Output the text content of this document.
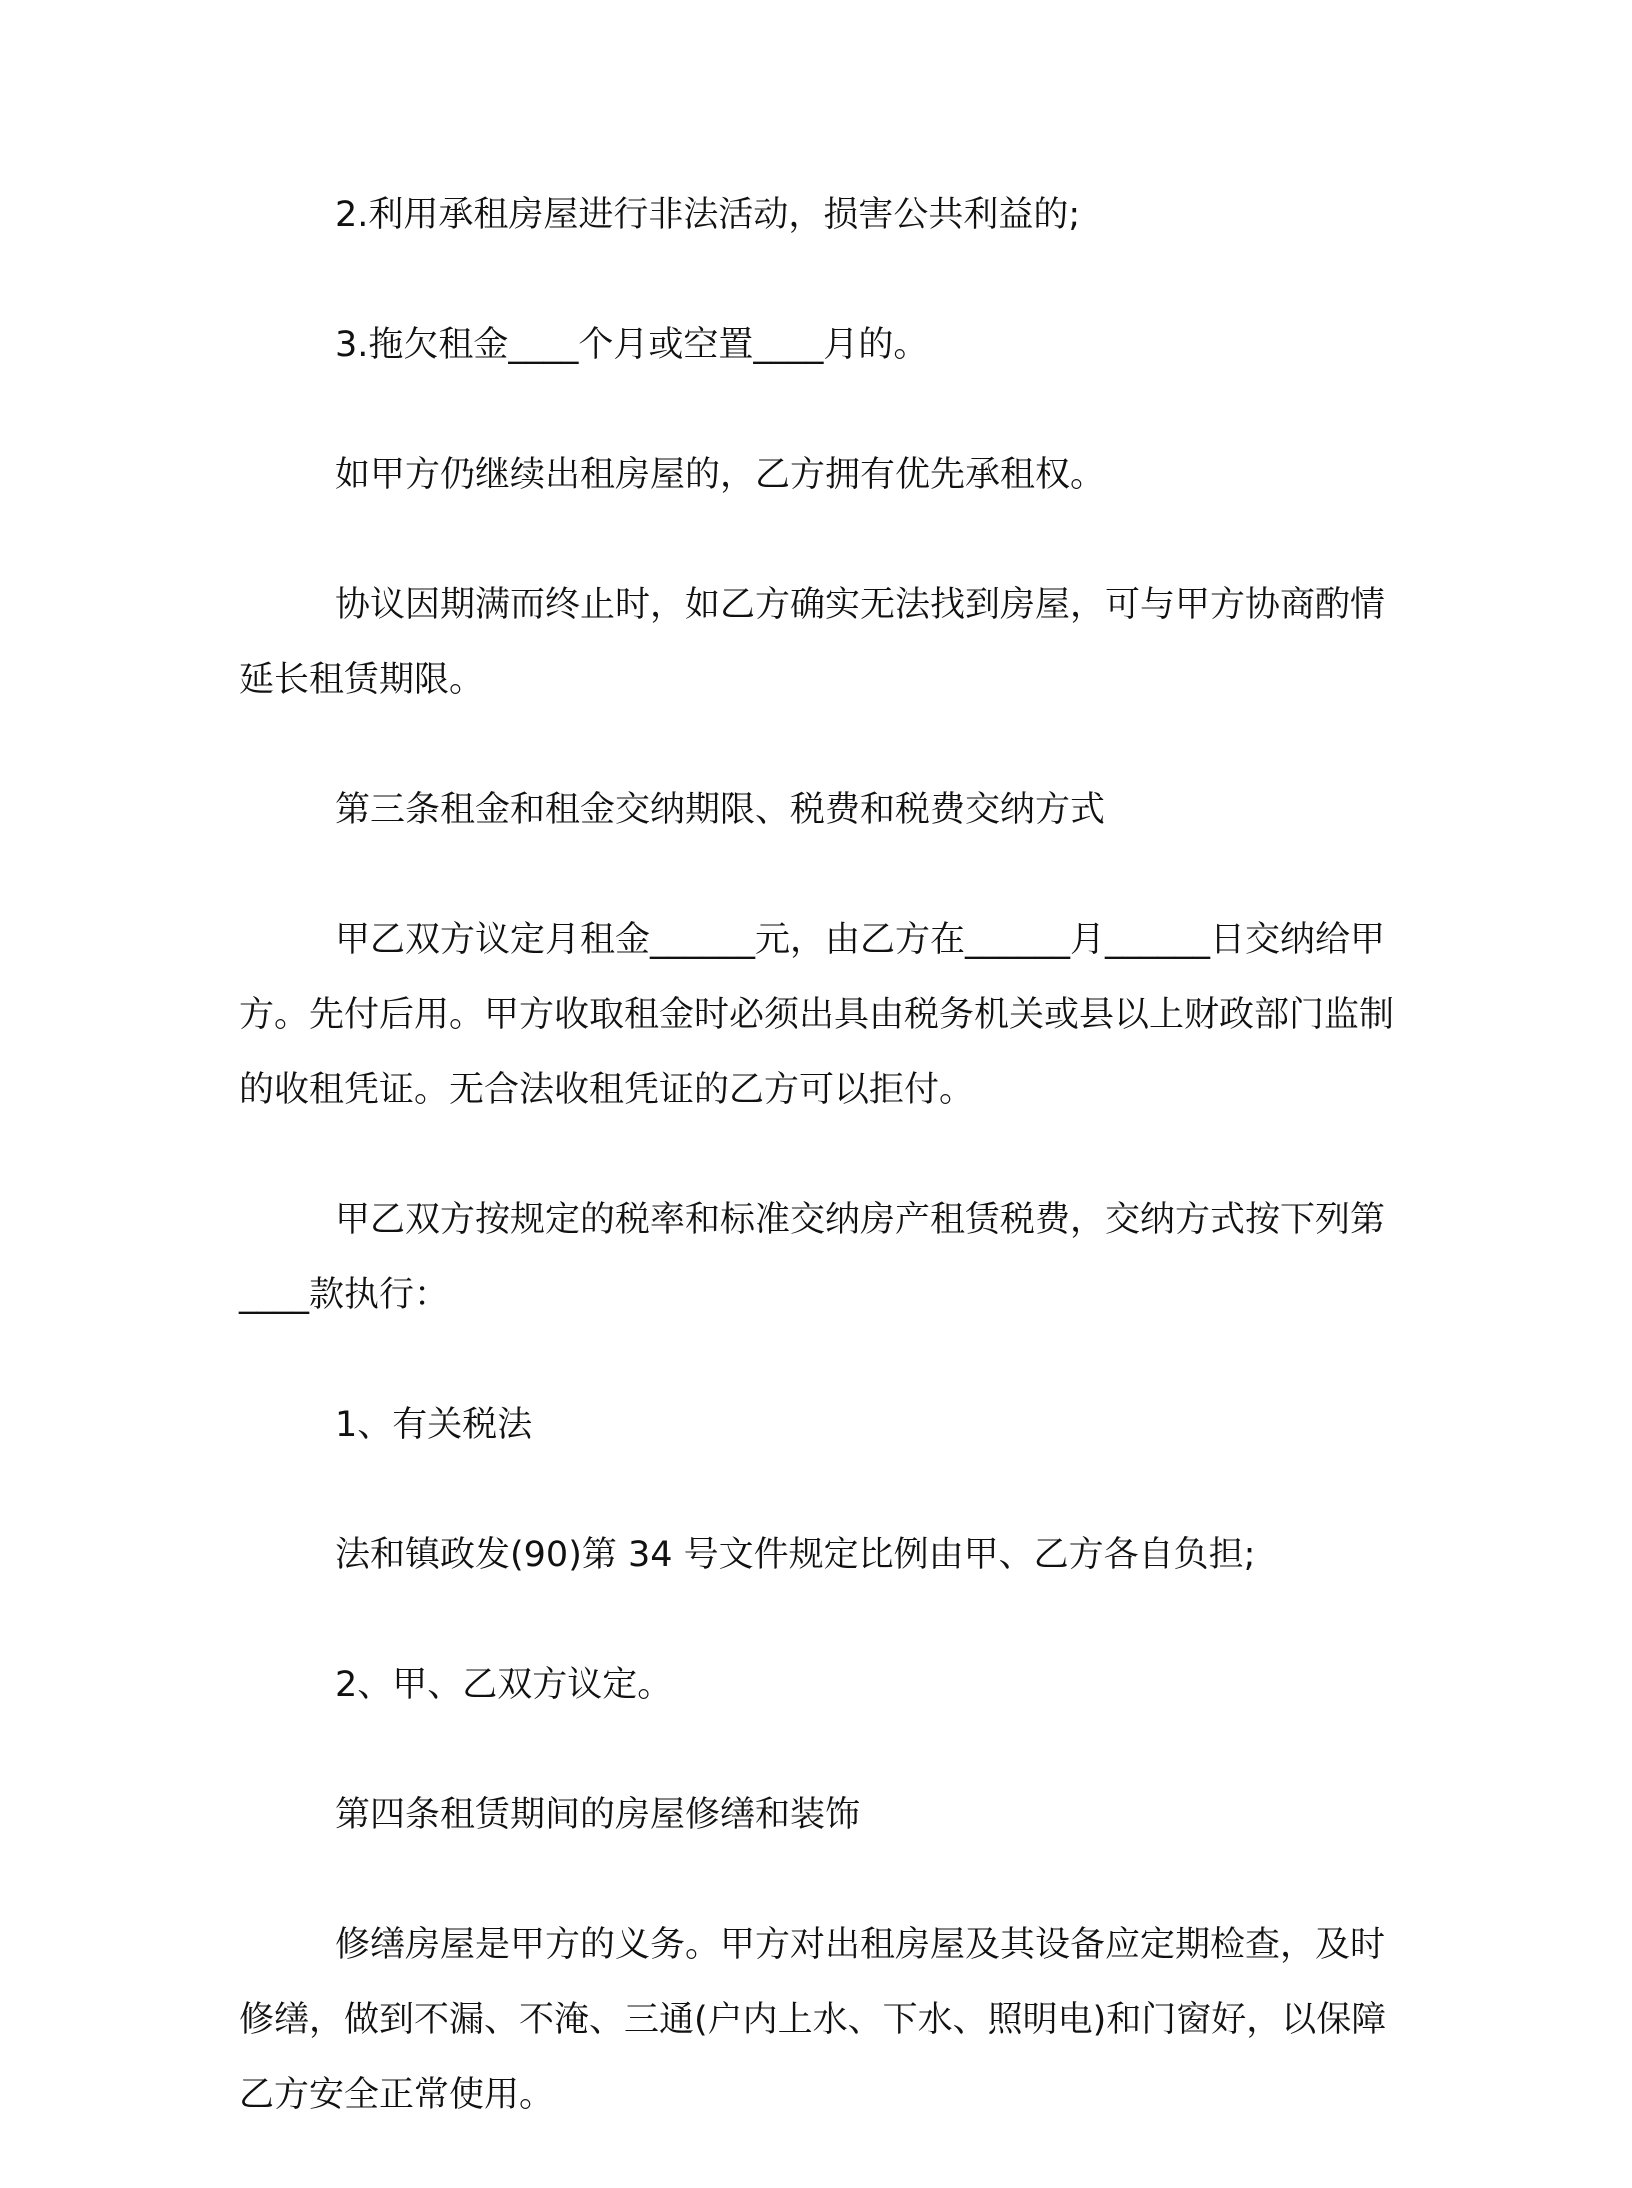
2.利用承租房屋进行非法活动，损害公共利益的;

3.拖欠租金____个月或空置____月的。

如甲方仍继续出租房屋的，乙方拥有优先承租权。

协议因期满而终止时，如乙方确实无法找到房屋，可与甲方协商酌情延长租赁期限。

第三条租金和租金交纳期限、税费和税费交纳方式

甲乙双方议定月租金______元，由乙方在______月______日交纳给甲方。先付后用。甲方收取租金时必须出具由税务机关或县以上财政部门监制的收租凭证。无合法收租凭证的乙方可以拒付。

甲乙双方按规定的税率和标准交纳房产租赁税费，交纳方式按下列第____款执行：

1、有关税法

法和镇政发(90)第 34 号文件规定比例由甲、乙方各自负担;

2、甲、乙双方议定。

第四条租赁期间的房屋修缮和装饰

修缮房屋是甲方的义务。甲方对出租房屋及其设备应定期检查，及时修缮，做到不漏、不淹、三通(户内上水、下水、照明电)和门窗好，以保障乙方安全正常使用。
